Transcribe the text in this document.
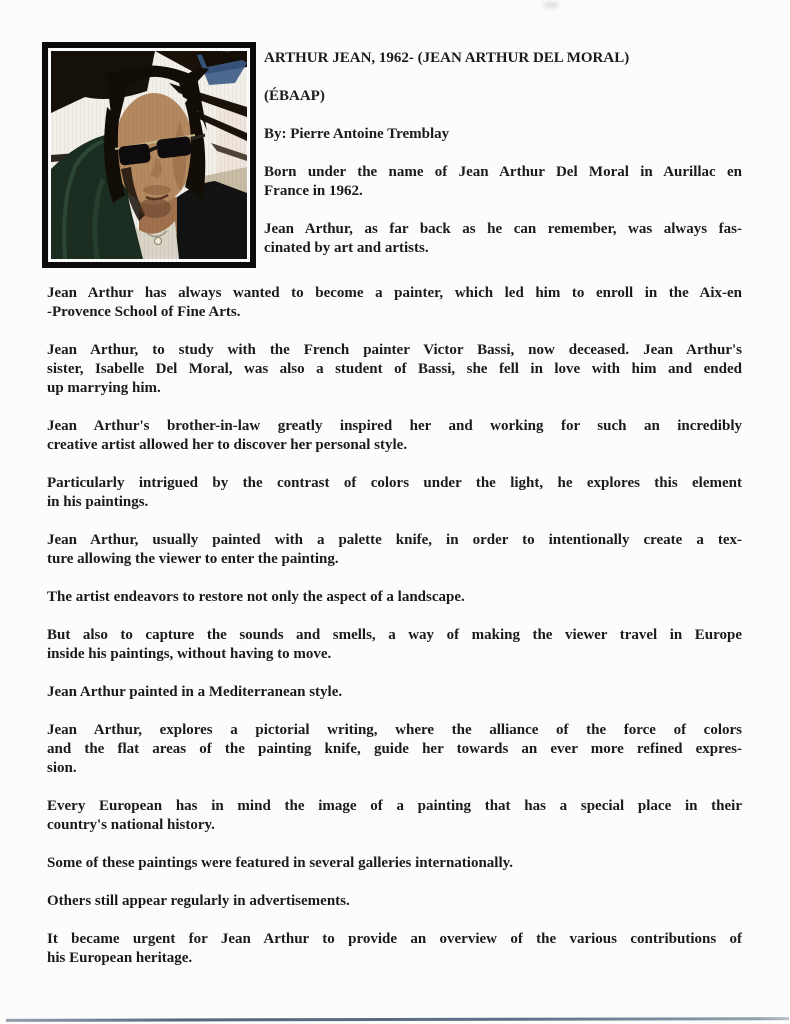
ARTHUR JEAN, 1962- (JEAN ARTHUR DEL MORAL)

(ÉBAAP)

By: Pierre Antoine Tremblay

Born under the name of Jean Arthur Del Moral in Aurillac en
France in 1962.

Jean Arthur, as far back as he can remember, was always fas-
cinated by art and artists.

Jean Arthur has always wanted to become a painter, which led him to enroll in the Aix-en
-Provence School of Fine Arts.

Jean Arthur, to study with the French painter Victor Bassi, now deceased. Jean Arthur's
sister, Isabelle Del Moral, was also a student of Bassi, she fell in love with him and ended
up marrying him.

Jean Arthur's brother-in-law greatly inspired her and working for such an incredibly
creative artist allowed her to discover her personal style.

Particularly intrigued by the contrast of colors under the light, he explores this element
in his paintings.

Jean Arthur, usually painted with a palette knife, in order to intentionally create a tex-
ture allowing the viewer to enter the painting.

The artist endeavors to restore not only the aspect of a landscape.

But also to capture the sounds and smells, a way of making the viewer travel in Europe
inside his paintings, without having to move.

Jean Arthur painted in a Mediterranean style.

Jean Arthur, explores a pictorial writing, where the alliance of the force of colors
and the flat areas of the painting knife, guide her towards an ever more refined expres-
sion.

Every European has in mind the image of a painting that has a special place in their
country's national history.

Some of these paintings were featured in several galleries internationally.

Others still appear regularly in advertisements.

It became urgent for Jean Arthur to provide an overview of the various contributions of
his European heritage.
